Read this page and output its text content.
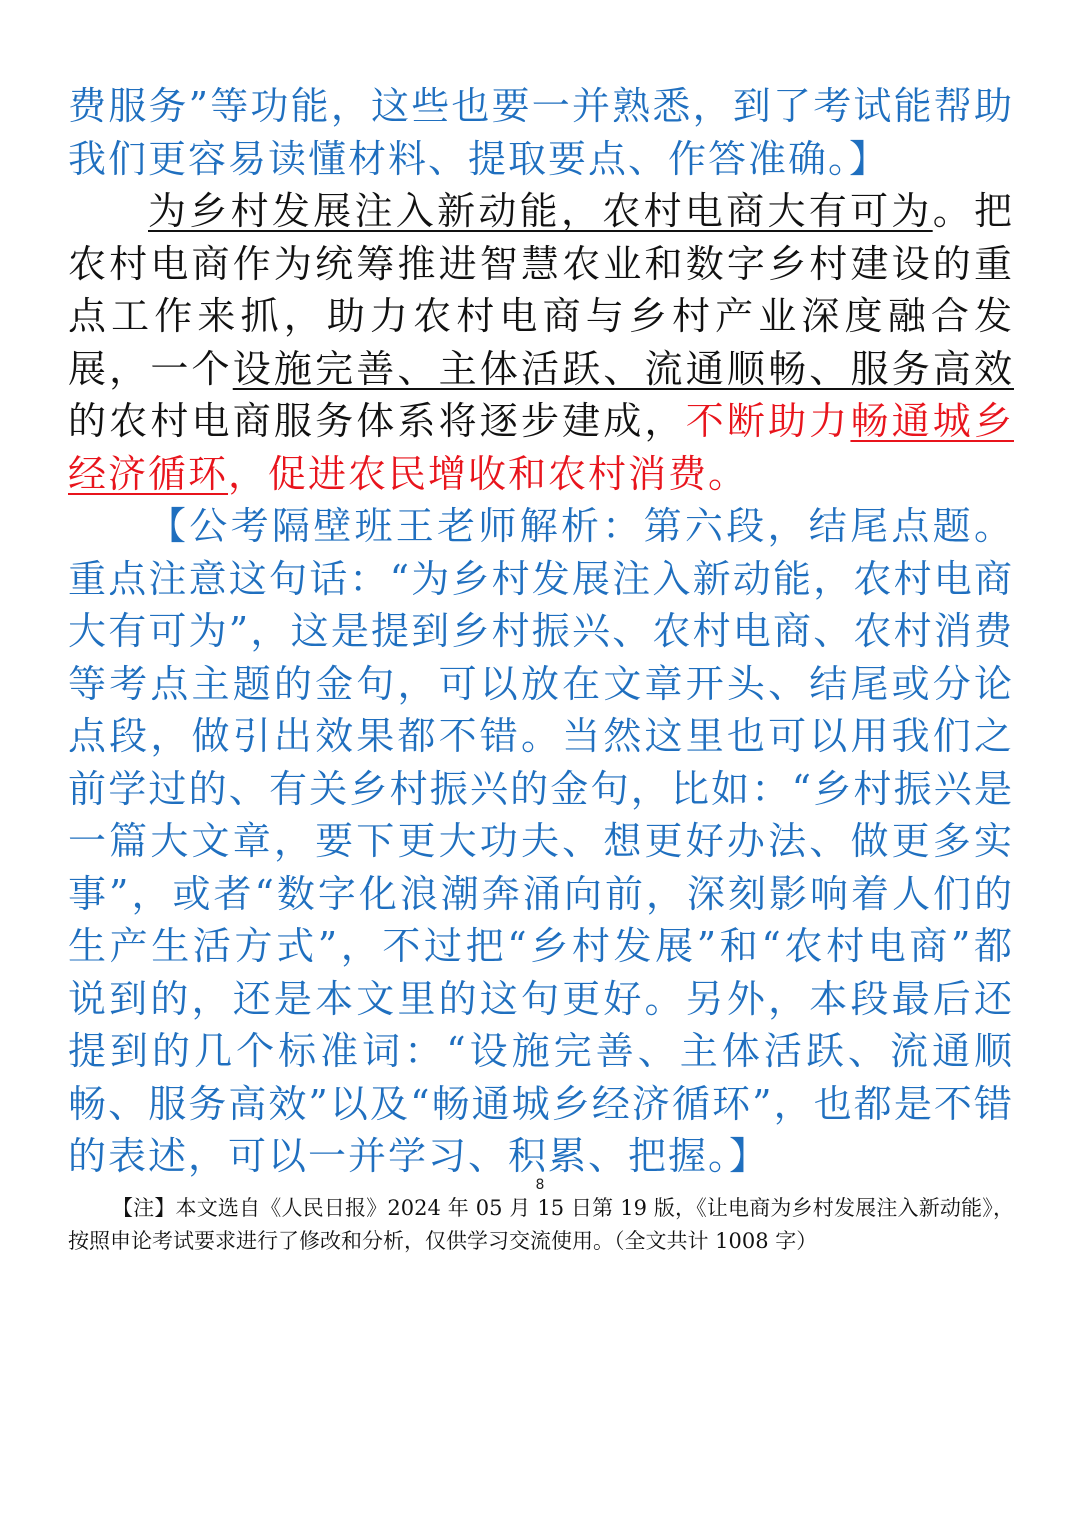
费服务”等功能，这些也要一并熟悉，到了考试能帮助我们更容易读懂材料、提取要点、作答准确。】

为乡村发展注入新动能，农村电商大有可为。把农村电商作为统筹推进智慧农业和数字乡村建设的重点工作来抓，助力农村电商与乡村产业深度融合发展，一个设施完善、主体活跃、流通顺畅、服务高效的农村电商服务体系将逐步建成，不断助力畅通城乡经济循环，促进农民增收和农村消费。

【公考隔壁班王老师解析：第六段，结尾点题。重点注意这句话：“为乡村发展注入新动能，农村电商大有可为”，这是提到乡村振兴、农村电商、农村消费等考点主题的金句，可以放在文章开头、结尾或分论点段，做引出效果都不错。当然这里也可以用我们之前学过的、有关乡村振兴的金句，比如：“乡村振兴是一篇大文章，要下更大功夫、想更好办法、做更多实事”，或者“数字化浪潮奔涌向前，深刻影响着人们的生产生活方式”，不过把“乡村发展”和“农村电商”都说到的，还是本文里的这句更好。另外，本段最后还提到的几个标准词：“设施完善、主体活跃、流通顺畅、服务高效”以及“畅通城乡经济循环”，也都是不错的表述，可以一并学习、积累、把握。】

8

【注】本文选自《人民日报》2024 年 05 月 15 日第 19 版，《让电商为乡村发展注入新动能》，按照申论考试要求进行了修改和分析，仅供学习交流使用。（全文共计 1008 字）
